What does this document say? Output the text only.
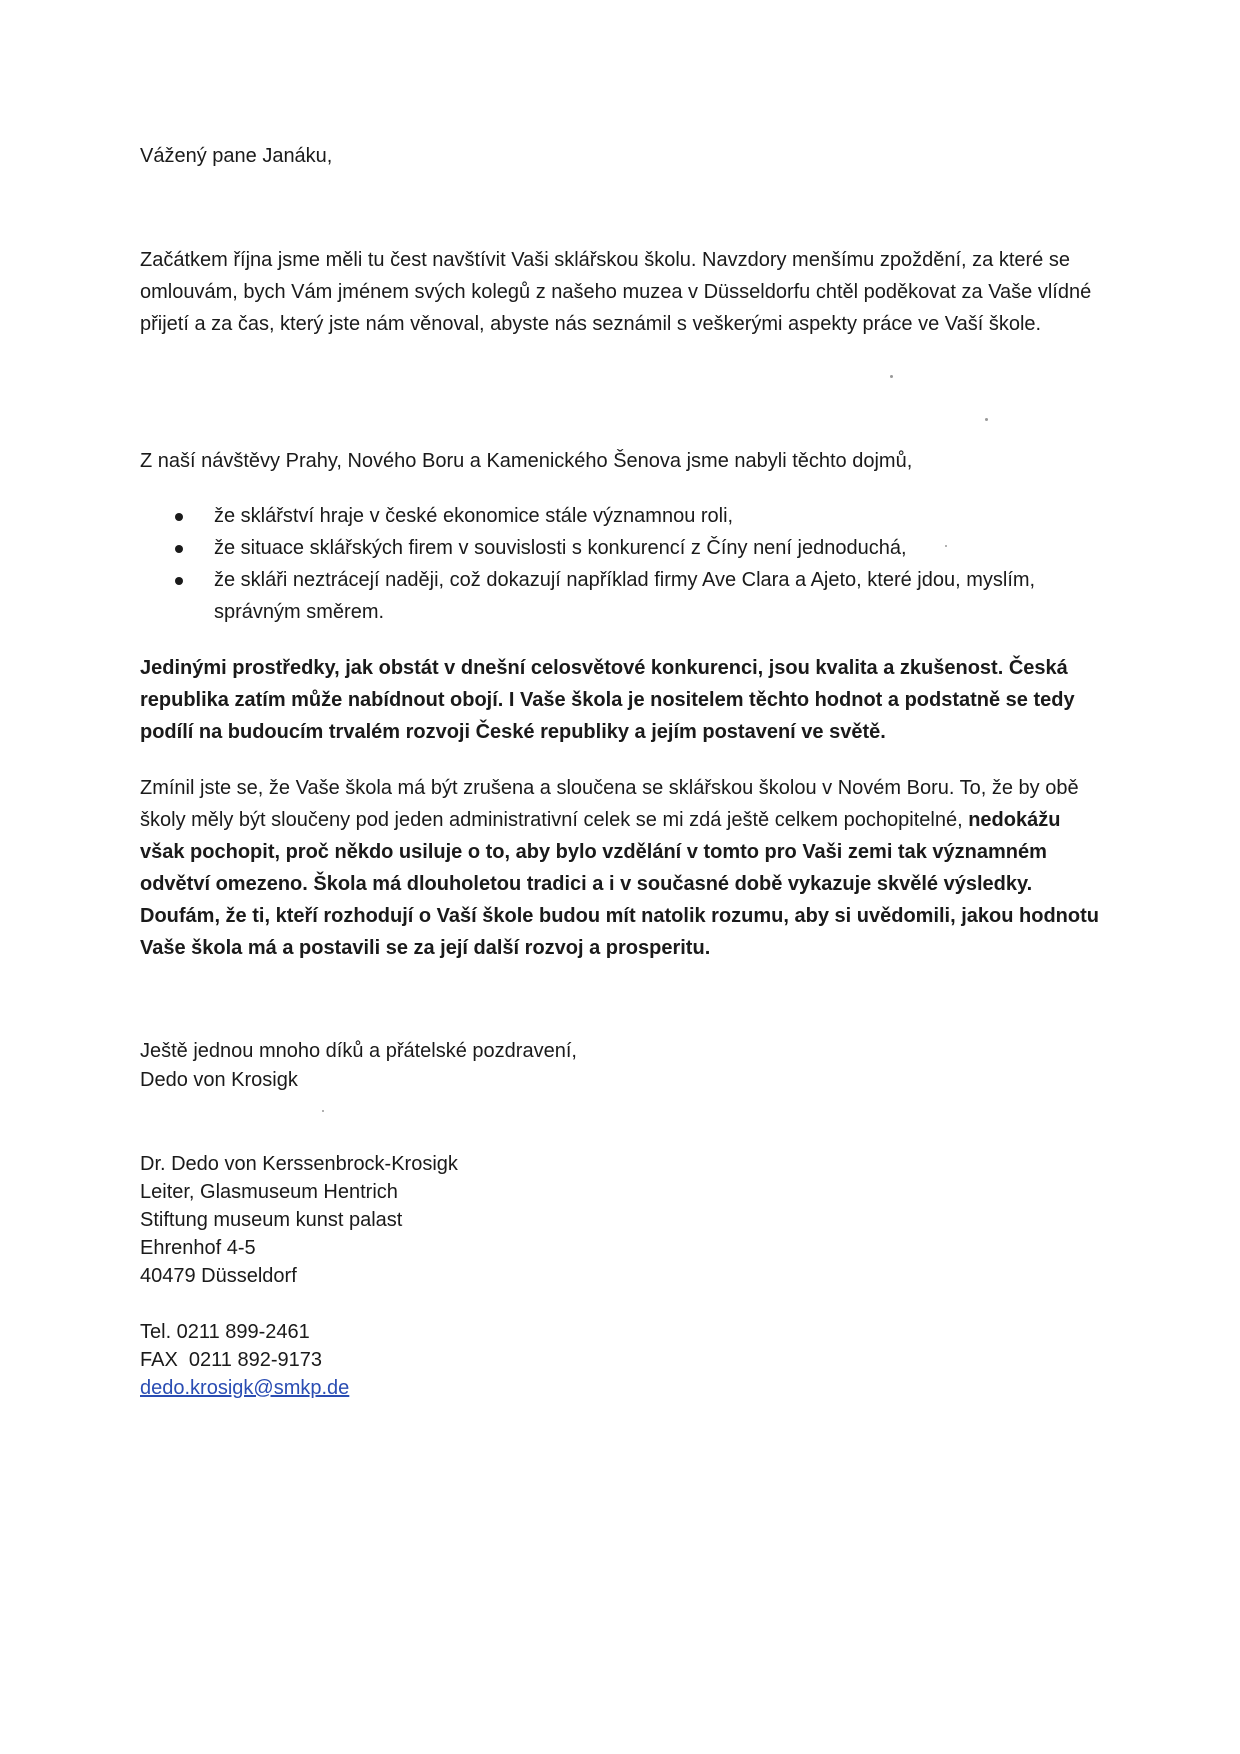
Vážený pane Janáku,
Začátkem října jsme měli tu čest navštívit Vaši sklářskou školu. Navzdory menšímu zpoždění, za které se omlouvám, bych Vám jménem svých kolegů z našeho muzea v Düsseldorfu chtěl poděkovat za Vaše vlídné přijetí a za čas, který jste nám věnoval, abyste nás seznámil s veškerými aspekty práce ve Vaší škole.
Z naší návštěvy Prahy, Nového Boru a Kamenického Šenova jsme nabyli těchto dojmů,
že sklářství hraje v české ekonomice stále významnou roli,
že situace sklářských firem v souvislosti s konkurencí z Číny není jednoduchá,
že skláři neztrácejí naději, což dokazují například firmy Ave Clara a Ajeto, které jdou, myslím, správným směrem.
Jedinými prostředky, jak obstát v dnešní celosvětové konkurenci, jsou kvalita a zkušenost. Česká republika zatím může nabídnout obojí. I Vaše škola je nositelem těchto hodnot a podstatně se tedy podílí na budoucím trvalém rozvoji České republiky a jejím postavení ve světě.
Zmínil jste se, že Vaše škola má být zrušena a sloučena se sklářskou školou v Novém Boru. To, že by obě školy měly být sloučeny pod jeden administrativní celek se mi zdá ještě celkem pochopitelné, nedokážu však pochopit, proč někdo usiluje o to, aby bylo vzdělání v tomto pro Vaši zemi tak významném odvětví omezeno. Škola má dlouholetou tradici a i v současné době vykazuje skvělé výsledky. Doufám, že ti, kteří rozhodují o Vaší škole budou mít natolik rozumu, aby si uvědomili, jakou hodnotu Vaše škola má a postavili se za její další rozvoj a prosperitu.
Ještě jednou mnoho díků a přátelské pozdravení,
Dedo von Krosigk
Dr. Dedo von Kerssenbrock-Krosigk
Leiter, Glasmuseum Hentrich
Stiftung museum kunst palast
Ehrenhof 4-5
40479 Düsseldorf
Tel. 0211 899-2461
FAX  0211 892-9173
dedo.krosigk@smkp.de
